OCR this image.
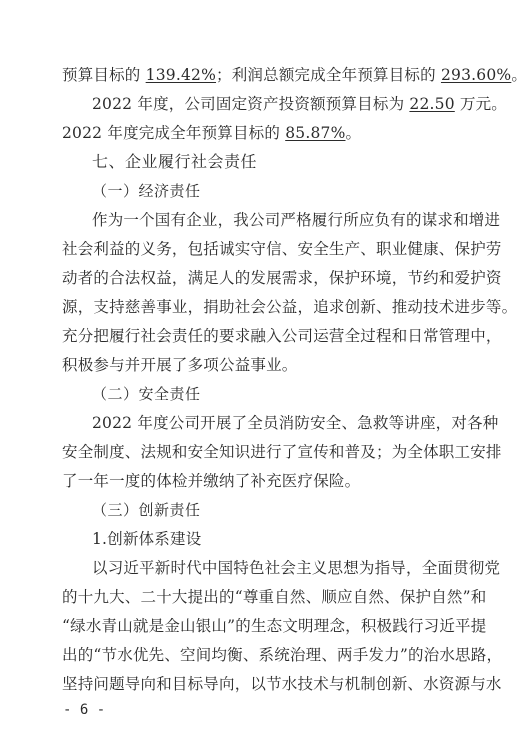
预算目标的 139.42%；利润总额完成全年预算目标的 293.60%。
2022 年度，公司固定资产投资额预算目标为 22.50 万元。
2022 年度完成全年预算目标的 85.87%。
七、企业履行社会责任
（一）经济责任
作为一个国有企业，我公司严格履行所应负有的谋求和增进
社会利益的义务，包括诚实守信、安全生产、职业健康、保护劳
动者的合法权益，满足人的发展需求，保护环境，节约和爱护资
源，支持慈善事业，捐助社会公益，追求创新、推动技术进步等。
充分把履行社会责任的要求融入公司运营全过程和日常管理中，
积极参与并开展了多项公益事业。
（二）安全责任
2022 年度公司开展了全员消防安全、急救等讲座，对各种
安全制度、法规和安全知识进行了宣传和普及；为全体职工安排
了一年一度的体检并缴纳了补充医疗保险。
（三）创新责任
1.创新体系建设
以习近平新时代中国特色社会主义思想为指导，全面贯彻党
的十九大、二十大提出的“尊重自然、顺应自然、保护自然”和
“绿水青山就是金山银山”的生态文明理念，积极践行习近平提
出的“节水优先、空间均衡、系统治理、两手发力”的治水思路，
坚持问题导向和目标导向，以节水技术与机制创新、水资源与水
- 6 -
